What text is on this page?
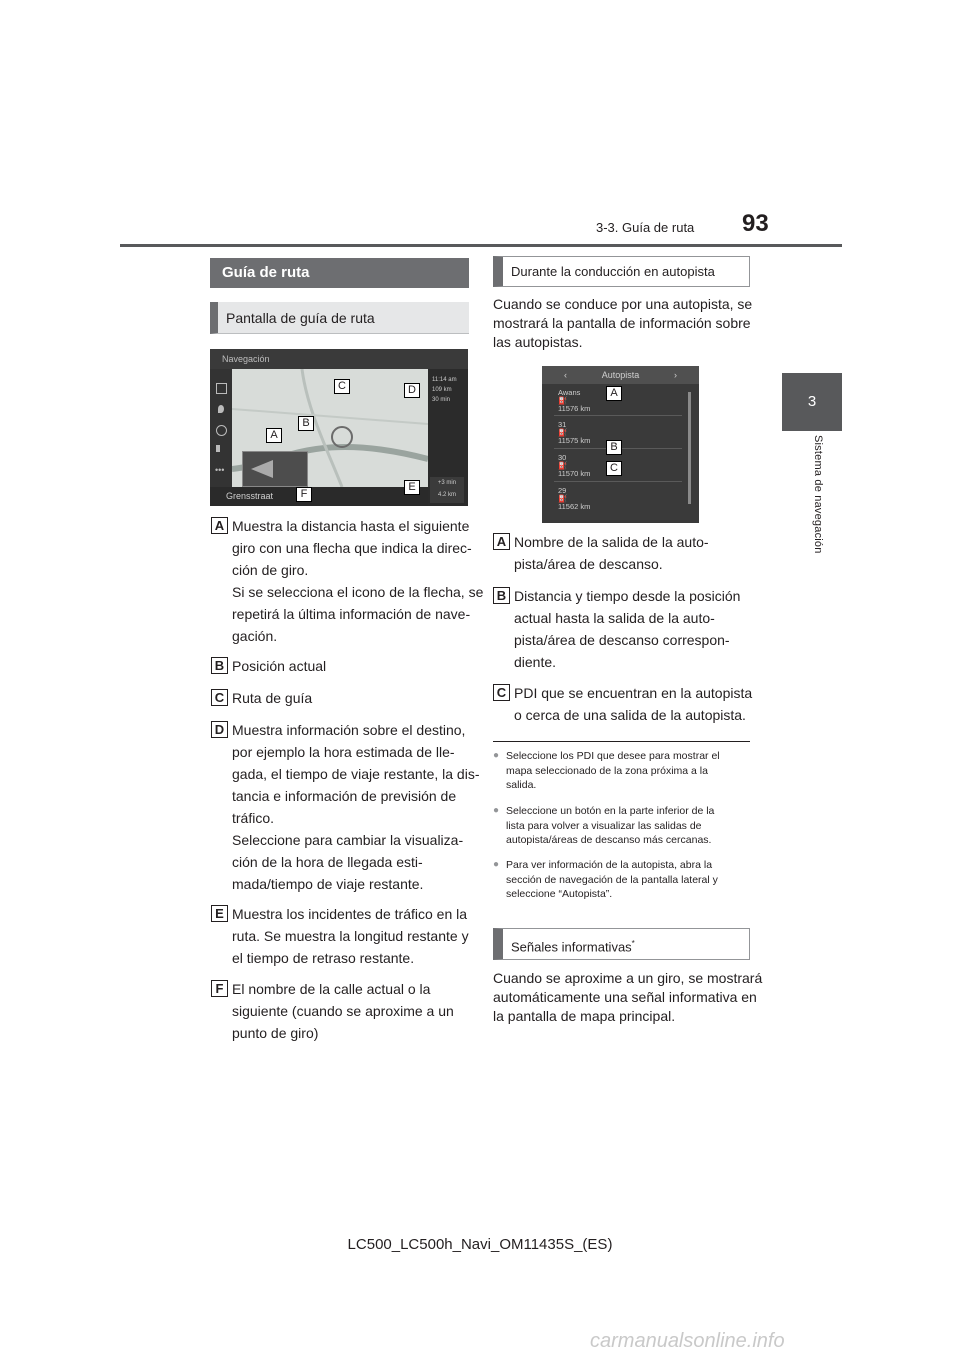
3-3. Guía de ruta 93
3
Sistema de navegación
Guía de ruta
Pantalla de guía de ruta
Navegación
•••
11:14 am
109 km
30 min
+3 min
4.2 km
Grensstraat
A
B
C	D
E
F
A Muestra la distancia hasta el siguiente
giro con una flecha que indica la direc-
ción de giro.
Si se selecciona el icono de la flecha, se
repetirá la última información de nave-
gación.
B Posición actual
C Ruta de guía
D Muestra información sobre el destino,
por ejemplo la hora estimada de lle-
gada, el tiempo de viaje restante, la dis-
tancia e información de previsión de
tráfico.
Seleccione para cambiar la visualiza-
ción de la hora de llegada esti-
mada/tiempo de viaje restante.
E Muestra los incidentes de tráfico en la
ruta. Se muestra la longitud restante y
el tiempo de retraso restante.
F El nombre de la calle actual o la
siguiente (cuando se aproxime a un
punto de giro)
Durante la conducción en autopista
Cuando se conduce por una autopista, se
mostrará la pantalla de información sobre
las autopistas.
‹	Autopista	›
Awans
⛽
11576 km
31
⛽
11575 km
30
⛽
11570 km
29
⛽
11562 km
A
B
C
A Nombre de la salida de la auto-
pista/área de descanso.
B Distancia y tiempo desde la posición
actual hasta la salida de la auto-
pista/área de descanso correspon-
diente.
C PDI que se encuentran en la autopista
o cerca de una salida de la autopista.
● Seleccione los PDI que desee para mostrar el
mapa seleccionado de la zona próxima a la
salida.
● Seleccione un botón en la parte inferior de la
lista para volver a visualizar las salidas de
autopista/áreas de descanso más cercanas.
● Para ver información de la autopista, abra la
sección de navegación de la pantalla lateral y
seleccione “Autopista”.
Señales informativas*
Cuando se aproxime a un giro, se mostrará
automáticamente una señal informativa en
la pantalla de mapa principal.
LC500_LC500h_Navi_OM11435S_(ES)
carmanualsonline.info
